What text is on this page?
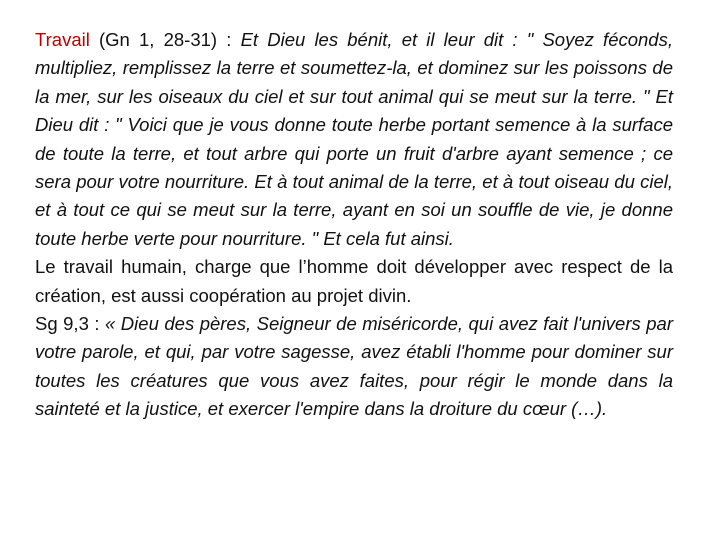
Travail (Gn 1, 28-31) : Et Dieu les bénit, et il leur dit : " Soyez féconds, multipliez, remplissez la terre et soumettez-la, et dominez sur les poissons de la mer, sur les oiseaux du ciel et sur tout animal qui se meut sur la terre. " Et Dieu dit : " Voici que je vous donne toute herbe portant semence à la surface de toute la terre, et tout arbre qui porte un fruit d'arbre ayant semence ; ce sera pour votre nourriture. Et à tout animal de la terre, et à tout oiseau du ciel, et à tout ce qui se meut sur la terre, ayant en soi un souffle de vie, je donne toute herbe verte pour nourriture. " Et cela fut ainsi.

Le travail humain, charge que l’homme doit développer avec respect de la création, est aussi coopération au projet divin.

Sg 9,3 : « Dieu des pères, Seigneur de miséricorde, qui avez fait l'univers par votre parole, et qui, par votre sagesse, avez établi l'homme pour dominer sur toutes les créatures que vous avez faites, pour régir le monde dans la sainteté et la justice, et exercer l'empire dans la droiture du cœur (…).
